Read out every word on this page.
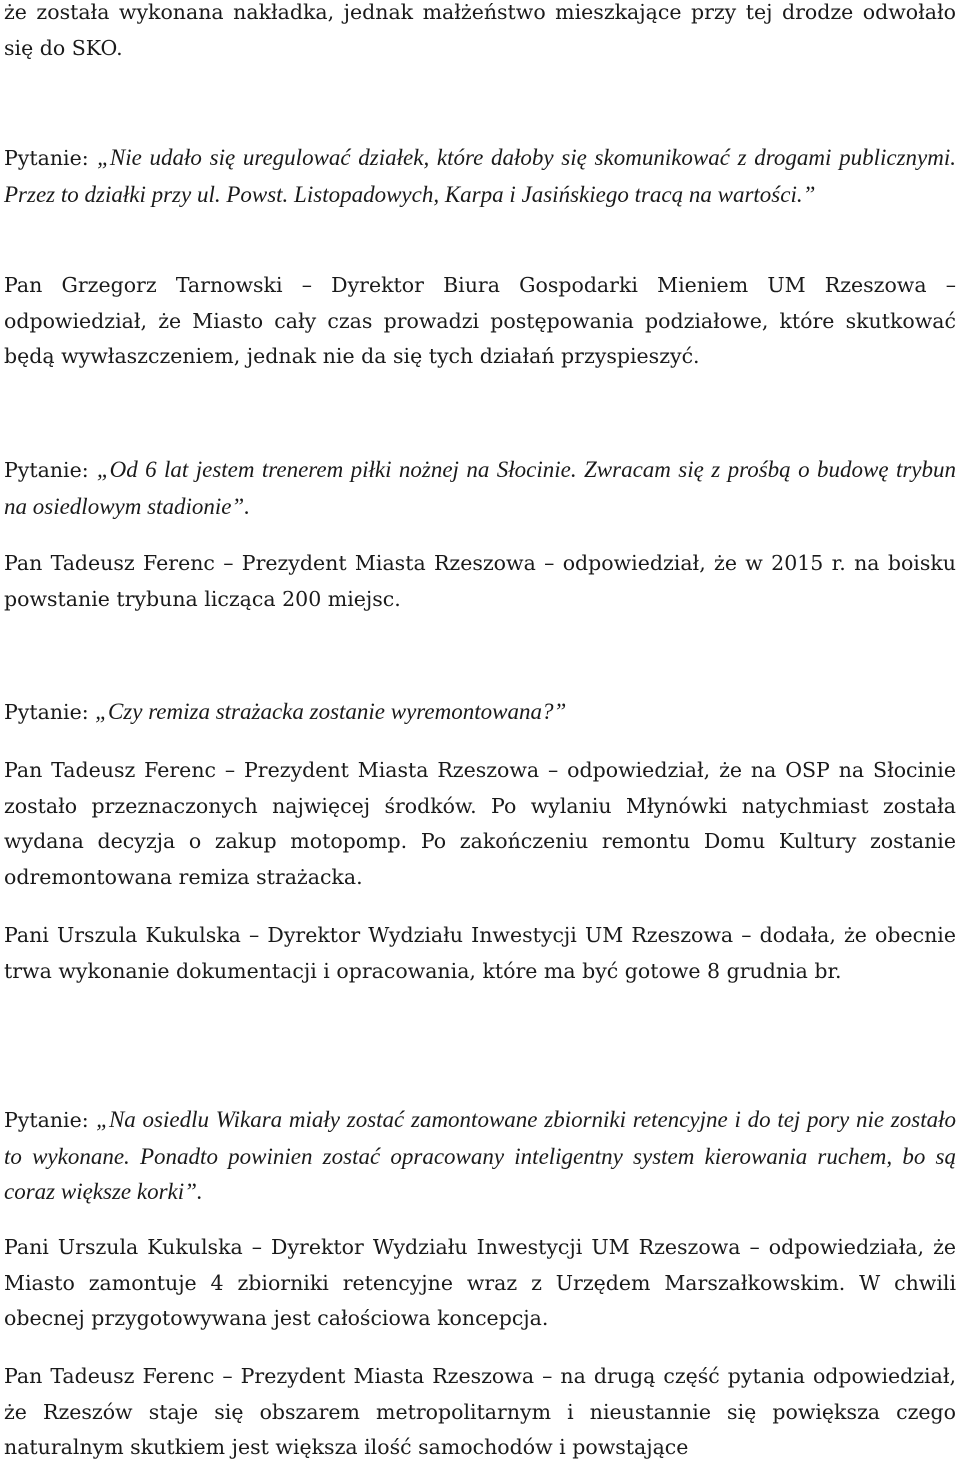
że została wykonana nakładka, jednak małżeństwo mieszkające przy tej drodze odwołało się do SKO.

Pytanie: „Nie udało się uregulować działek, które dałoby się skomunikować z drogami publicznymi. Przez to działki przy ul. Powst. Listopadowych, Karpa i Jasińskiego tracą na wartości.”

Pan Grzegorz Tarnowski – Dyrektor Biura Gospodarki Mieniem UM Rzeszowa – odpowiedział, że Miasto cały czas prowadzi postępowania podziałowe, które skutkować będą wywłaszczeniem, jednak nie da się tych działań przyspieszyć.

Pytanie: „Od 6 lat jestem trenerem piłki nożnej na Słocinie. Zwracam się z prośbą o budowę trybun na osiedlowym stadionie”.

Pan Tadeusz Ferenc – Prezydent Miasta Rzeszowa – odpowiedział, że w 2015 r. na boisku powstanie trybuna licząca 200 miejsc.

Pytanie: „Czy remiza strażacka zostanie wyremontowana?”

Pan Tadeusz Ferenc – Prezydent Miasta Rzeszowa – odpowiedział, że na OSP na Słocinie zostało przeznaczonych najwięcej środków. Po wylaniu Młynówki natychmiast została wydana decyzja o zakup motopomp. Po zakończeniu remontu Domu Kultury zostanie odremontowana remiza strażacka.

Pani Urszula Kukulska – Dyrektor Wydziału Inwestycji UM Rzeszowa – dodała, że obecnie trwa wykonanie dokumentacji i opracowania, które ma być gotowe 8 grudnia br.

Pytanie: „Na osiedlu Wikara miały zostać zamontowane zbiorniki retencyjne i do tej pory nie zostało to wykonane. Ponadto powinien zostać opracowany inteligentny system kierowania ruchem, bo są coraz większe korki”.

Pani Urszula Kukulska – Dyrektor Wydziału Inwestycji UM Rzeszowa – odpowiedziała, że Miasto zamontuje 4 zbiorniki retencyjne wraz z Urzędem Marszałkowskim. W chwili obecnej przygotowywana jest całościowa koncepcja.

Pan Tadeusz Ferenc – Prezydent Miasta Rzeszowa – na drugą część pytania odpowiedział, że Rzeszów staje się obszarem metropolitarnym i nieustannie się powiększa czego naturalnym skutkiem jest większa ilość samochodów i powstające
